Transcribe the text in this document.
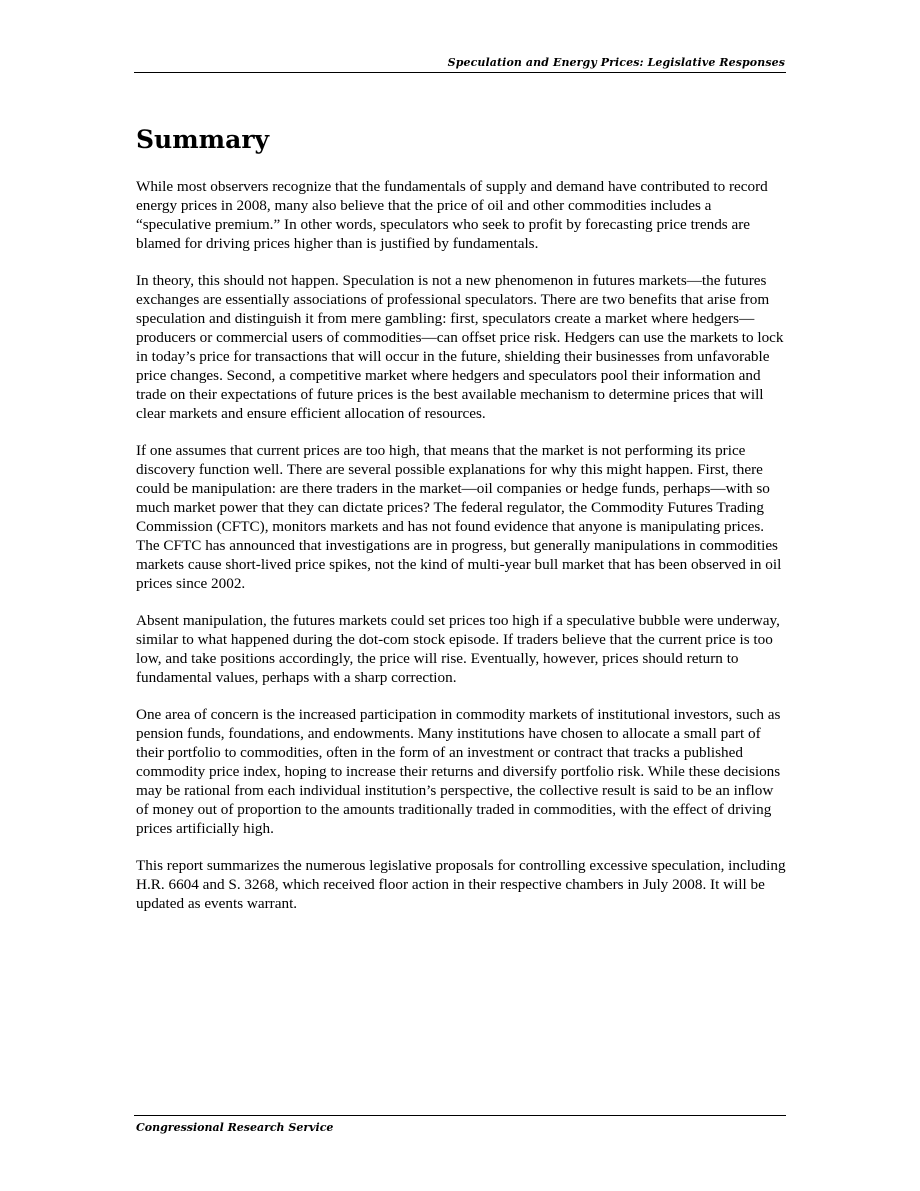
Speculation and Energy Prices: Legislative Responses
Summary

While most observers recognize that the fundamentals of supply and demand have contributed to record energy prices in 2008, many also believe that the price of oil and other commodities includes a “speculative premium.” In other words, speculators who seek to profit by forecasting price trends are blamed for driving prices higher than is justified by fundamentals.

In theory, this should not happen. Speculation is not a new phenomenon in futures markets—the futures exchanges are essentially associations of professional speculators. There are two benefits that arise from speculation and distinguish it from mere gambling: first, speculators create a market where hedgers—producers or commercial users of commodities—can offset price risk. Hedgers can use the markets to lock in today’s price for transactions that will occur in the future, shielding their businesses from unfavorable price changes. Second, a competitive market where hedgers and speculators pool their information and trade on their expectations of future prices is the best available mechanism to determine prices that will clear markets and ensure efficient allocation of resources.

If one assumes that current prices are too high, that means that the market is not performing its price discovery function well. There are several possible explanations for why this might happen. First, there could be manipulation: are there traders in the market—oil companies or hedge funds, perhaps—with so much market power that they can dictate prices? The federal regulator, the Commodity Futures Trading Commission (CFTC), monitors markets and has not found evidence that anyone is manipulating prices. The CFTC has announced that investigations are in progress, but generally manipulations in commodities markets cause short-lived price spikes, not the kind of multi-year bull market that has been observed in oil prices since 2002.

Absent manipulation, the futures markets could set prices too high if a speculative bubble were underway, similar to what happened during the dot-com stock episode. If traders believe that the current price is too low, and take positions accordingly, the price will rise. Eventually, however, prices should return to fundamental values, perhaps with a sharp correction.

One area of concern is the increased participation in commodity markets of institutional investors, such as pension funds, foundations, and endowments. Many institutions have chosen to allocate a small part of their portfolio to commodities, often in the form of an investment or contract that tracks a published commodity price index, hoping to increase their returns and diversify portfolio risk. While these decisions may be rational from each individual institution’s perspective, the collective result is said to be an inflow of money out of proportion to the amounts traditionally traded in commodities, with the effect of driving prices artificially high.

This report summarizes the numerous legislative proposals for controlling excessive speculation, including H.R. 6604 and S. 3268, which received floor action in their respective chambers in July 2008. It will be updated as events warrant.

Congressional Research Service
